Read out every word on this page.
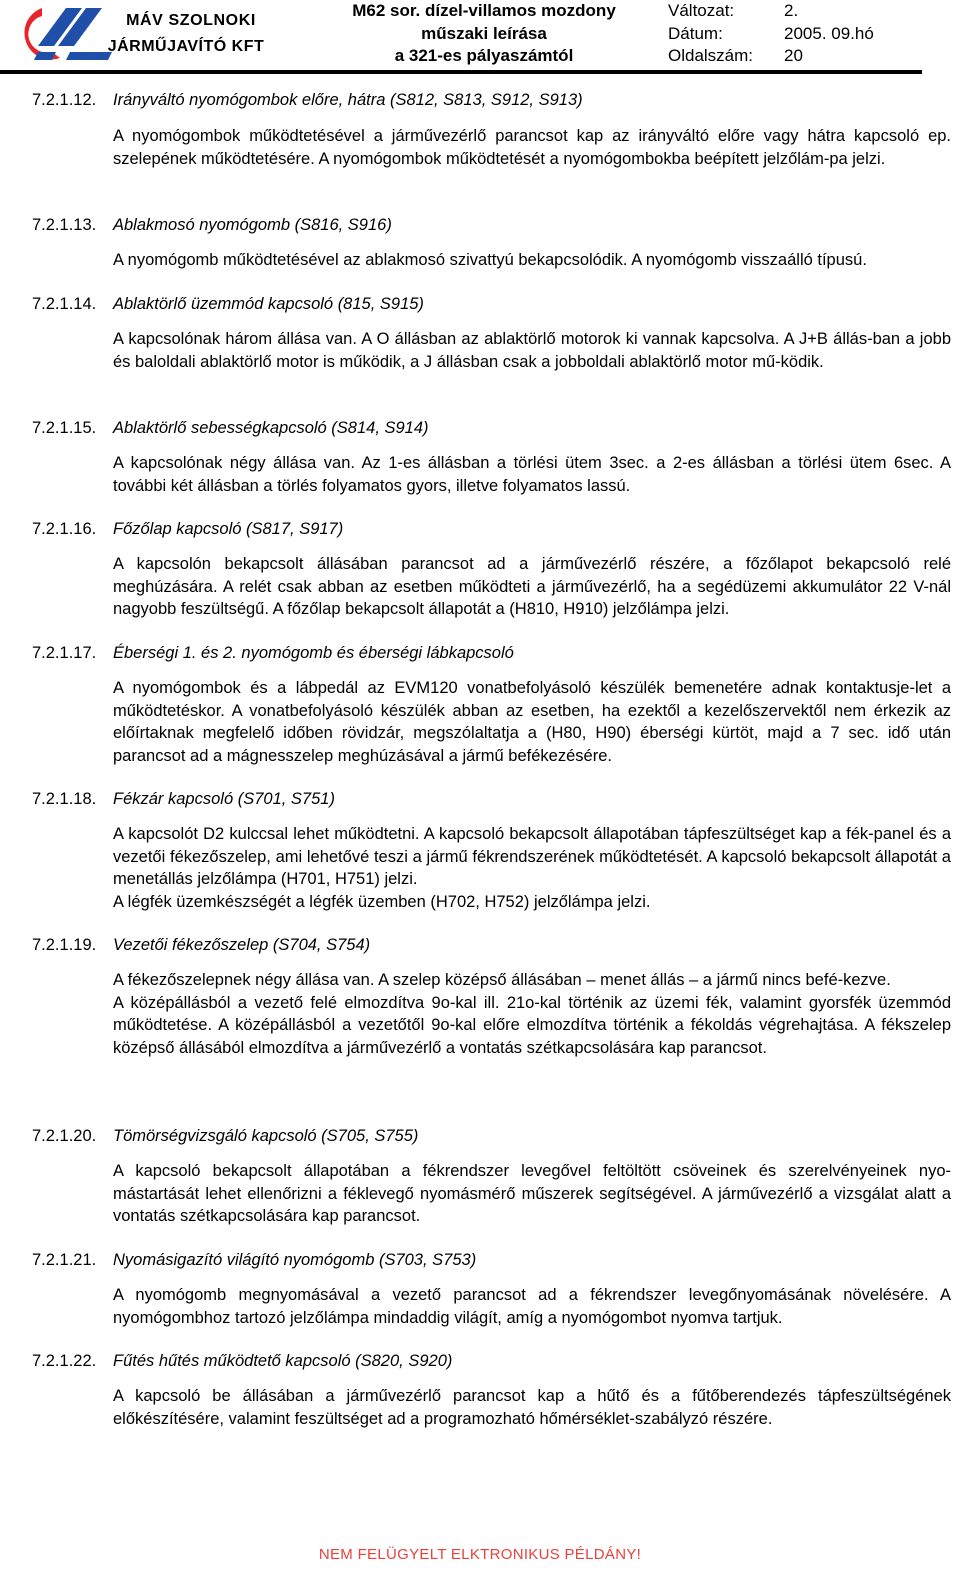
MÁV SZOLNOKI
JÁRMŰJAVÍTÓ KFT
M62 sor. dízel-villamos mozdony
műszaki leírása
a 321-es pályaszámtól
Változat:	2.
Dátum:	2005. 09.hó
Oldalszám:	20
7.2.1.12. Irányváltó nyomógombok előre, hátra (S812, S813, S912, S913)

A nyomógombok működtetésével a járművezérlő parancsot kap az irányváltó előre vagy hátra kapcsoló ep. szelepének működtetésére. A nyomógombok működtetését a nyomógombokba beépített jelzőlám-pa jelzi.

7.2.1.13. Ablakmosó nyomógomb (S816, S916)

A nyomógomb működtetésével az ablakmosó szivattyú bekapcsolódik. A nyomógomb visszaálló típusú.

7.2.1.14. Ablaktörlő üzemmód kapcsoló (815, S915)

A kapcsolónak három állása van. A O állásban az ablaktörlő motorok ki vannak kapcsolva. A J+B állás-ban a jobb és baloldali ablaktörlő motor is működik, a J állásban csak a jobboldali ablaktörlő motor mű-ködik.

7.2.1.15. Ablaktörlő sebességkapcsoló (S814, S914)

A kapcsolónak négy állása van. Az 1-es állásban a törlési ütem 3sec. a 2-es állásban a törlési ütem 6sec. A további két állásban a törlés folyamatos gyors, illetve folyamatos lassú.

7.2.1.16. Főzőlap kapcsoló (S817, S917)

A kapcsolón bekapcsolt állásában parancsot ad a járművezérlő részére, a főzőlapot bekapcsoló relé meghúzására. A relét csak abban az esetben működteti a járművezérlő, ha a segédüzemi akkumulátor 22 V-nál nagyobb feszültségű. A főzőlap bekapcsolt állapotát a (H810, H910) jelzőlámpa jelzi.

7.2.1.17. Éberségi 1. és 2. nyomógomb és éberségi lábkapcsoló

A nyomógombok és a lábpedál az EVM120 vonatbefolyásoló készülék bemenetére adnak kontaktusje-let a működtetéskor. A vonatbefolyásoló készülék abban az esetben, ha ezektől a kezelőszervektől nem érkezik az előírtaknak megfelelő időben rövidzár, megszólaltatja a (H80, H90) éberségi kürtöt, majd a 7 sec. idő után parancsot ad a mágnesszelep meghúzásával a jármű befékezésére.

7.2.1.18. Fékzár kapcsoló (S701, S751)

A kapcsolót D2 kulccsal lehet működtetni. A kapcsoló bekapcsolt állapotában tápfeszültséget kap a fék-panel és a vezetői fékezőszelep, ami lehetővé teszi a jármű fékrendszerének működtetését. A kapcsoló bekapcsolt állapotát a menetállás jelzőlámpa (H701, H751) jelzi.

A légfék üzemkészségét a légfék üzemben (H702, H752) jelzőlámpa jelzi.

7.2.1.19. Vezetői fékezőszelep (S704, S754)

A fékezőszelepnek négy állása van. A szelep középső állásában – menet állás – a jármű nincs befé-kezve.

A középállásból a vezető felé elmozdítva 9o-kal ill. 21o-kal történik az üzemi fék, valamint gyorsfék üzemmód működtetése. A középállásból a vezetőtől 9o-kal előre elmozdítva történik a fékoldás végrehajtása. A fékszelep középső állásából elmozdítva a járművezérlő a vontatás szétkapcsolására kap parancsot.

7.2.1.20. Tömörségvizsgáló kapcsoló (S705, S755)

A kapcsoló bekapcsolt állapotában a fékrendszer levegővel feltöltött csöveinek és szerelvényeinek nyo-mástartását lehet ellenőrizni a féklevegő nyomásmérő műszerek segítségével. A járművezérlő a vizsgálat alatt a vontatás szétkapcsolására kap parancsot.

7.2.1.21. Nyomásigazító világító nyomógomb (S703, S753)

A nyomógomb megnyomásával a vezető parancsot ad a fékrendszer levegőnyomásának növelésére. A nyomógombhoz tartozó jelzőlámpa mindaddig világít, amíg a nyomógombot nyomva tartjuk.

7.2.1.22. Fűtés hűtés működtető kapcsoló (S820, S920)

A kapcsoló be állásában a járművezérlő parancsot kap a hűtő és a fűtőberendezés tápfeszültségének előkészítésére, valamint feszültséget ad a programozható hőmérséklet-szabályzó részére.

NEM FELÜGYELT ELKTRONIKUS PÉLDÁNY!
